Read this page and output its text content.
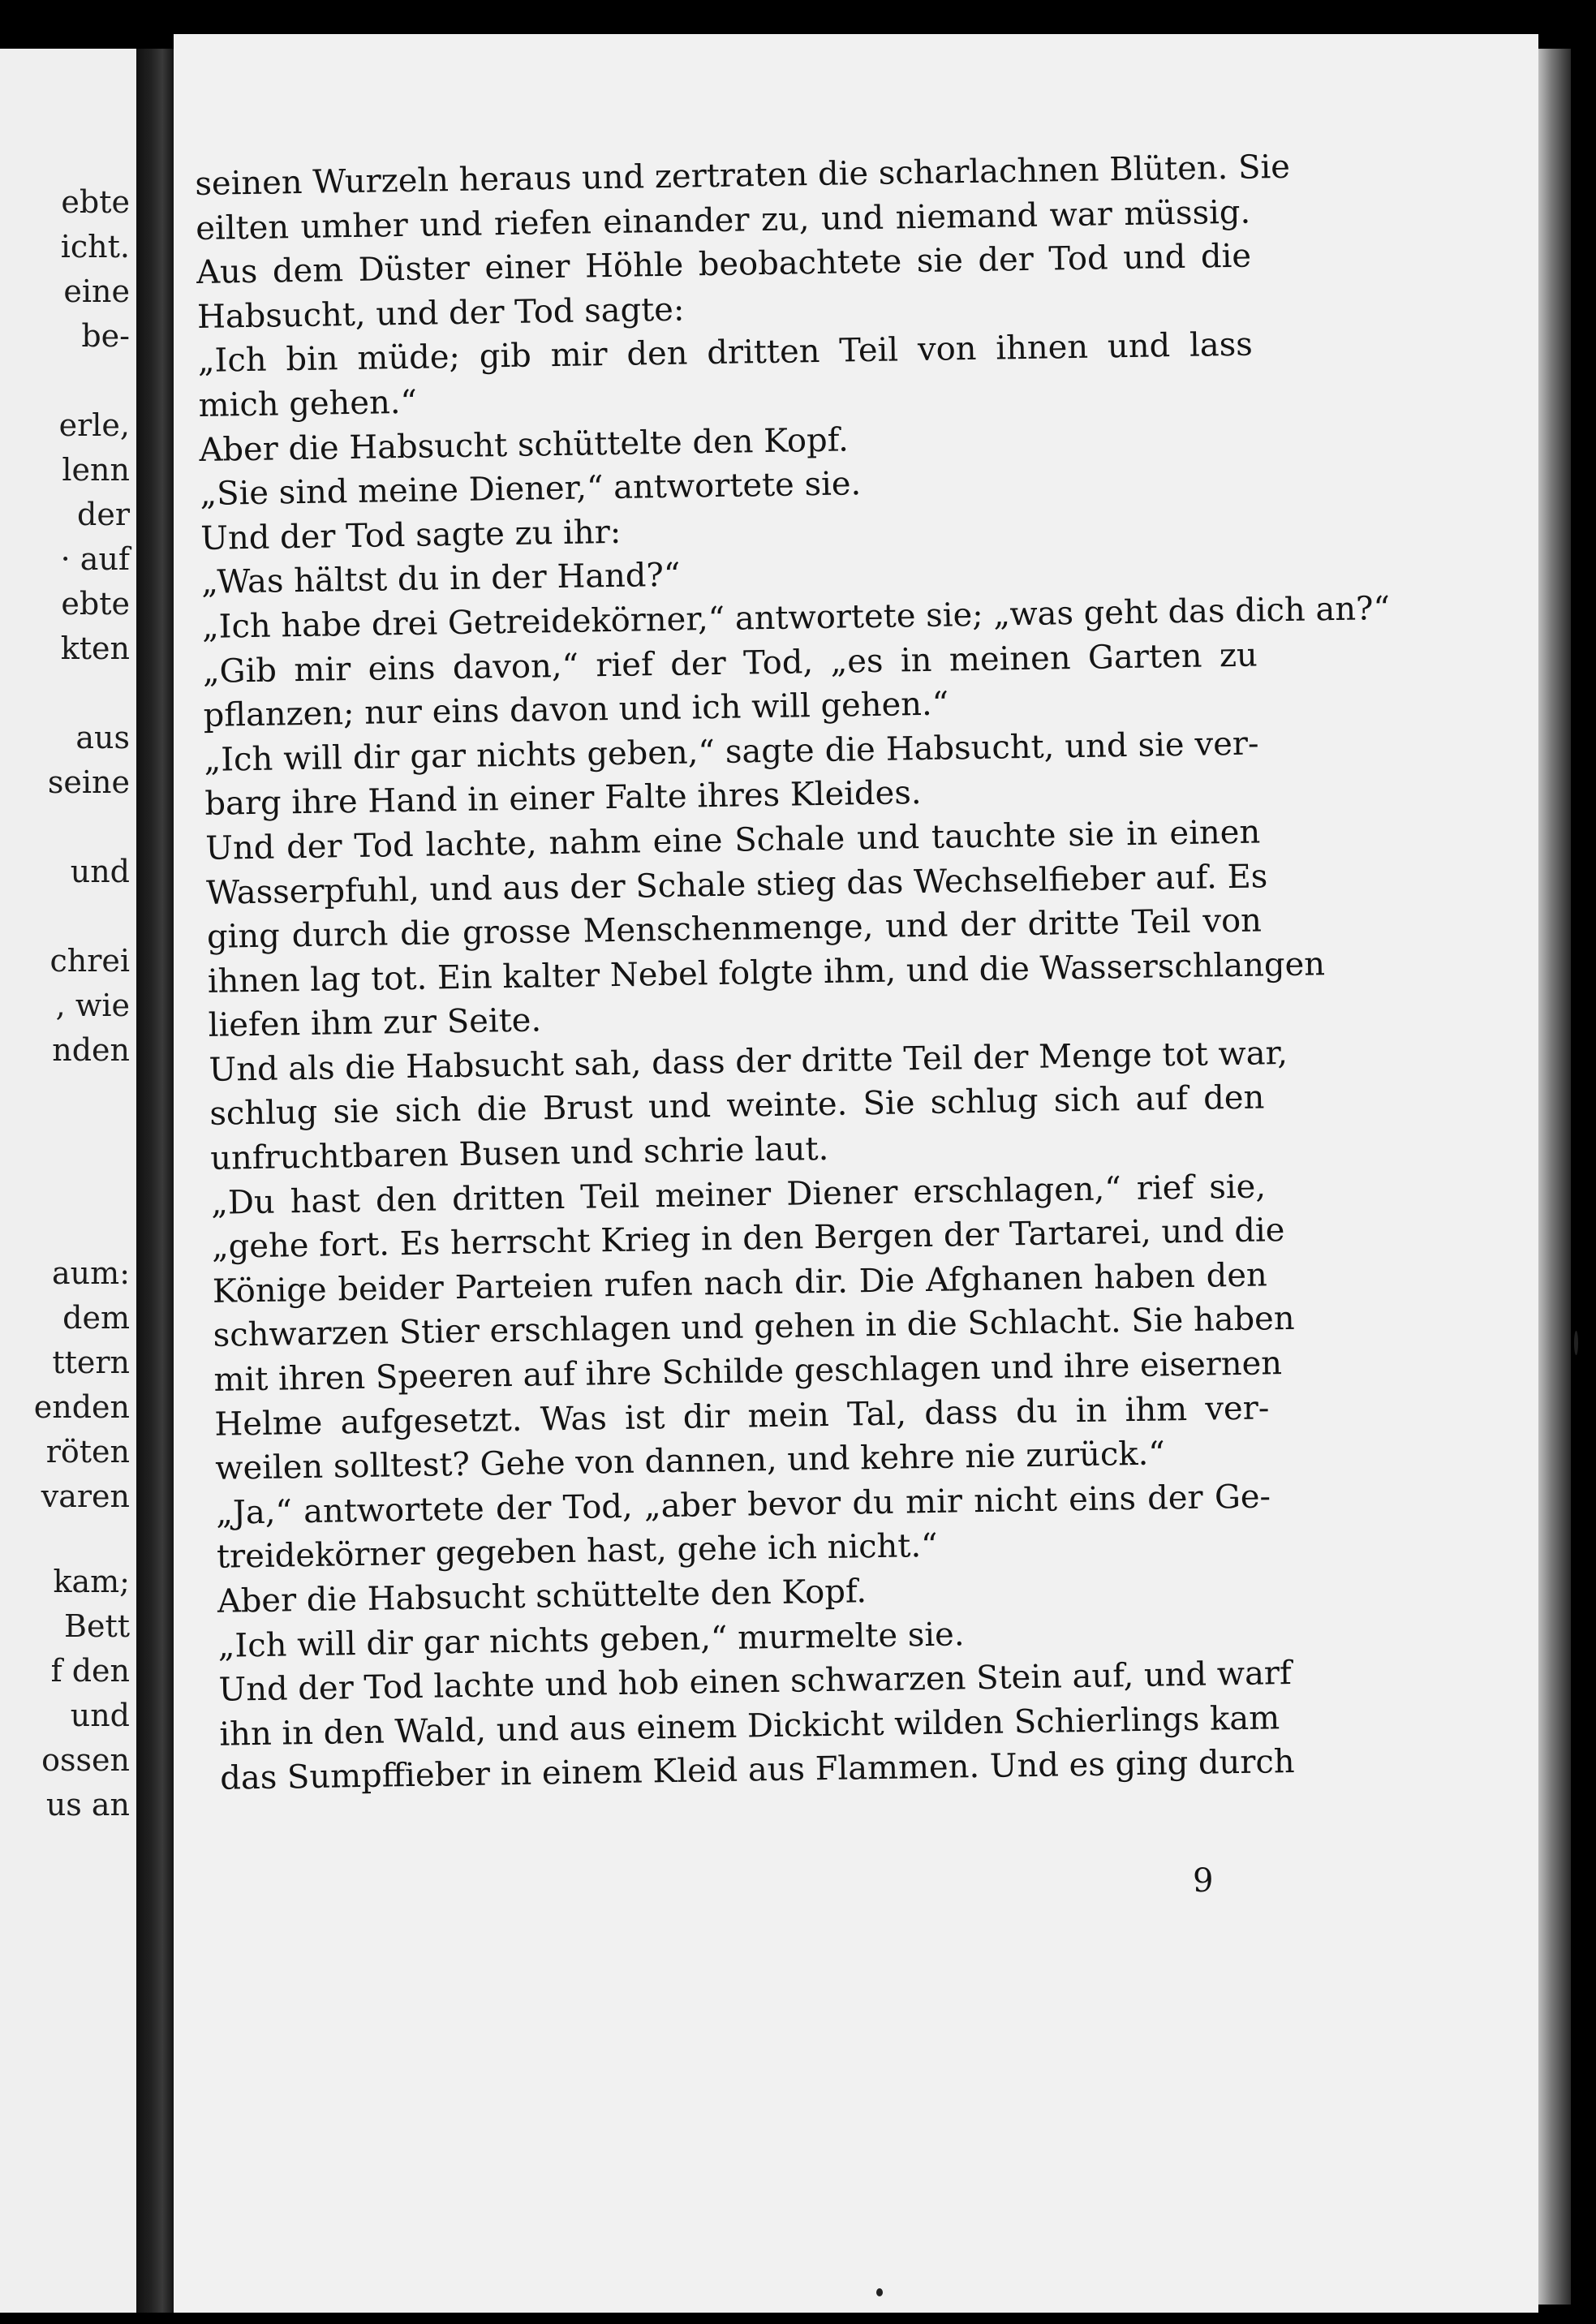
ebte
icht.
eine
be-
erle,
lenn
der
· auf
ebte
kten
aus
seine
und
chrei
, wie
nden
aum:
dem
ttern
enden
röten
varen
kam;
Bett
f den
und
ossen
us an
seinen Wurzeln heraus und zertraten die scharlachnen Blüten. Sie
eilten umher und riefen einander zu, und niemand war müssig.
Aus dem Düster einer Höhle beobachtete sie der Tod und die
Habsucht, und der Tod sagte:
„Ich bin müde; gib mir den dritten Teil von ihnen und lass
mich gehen.“
Aber die Habsucht schüttelte den Kopf.
„Sie sind meine Diener,“ antwortete sie.
Und der Tod sagte zu ihr:
„Was hältst du in der Hand?“
„Ich habe drei Getreidekörner,“ antwortete sie; „was geht das dich an?“
„Gib mir eins davon,“ rief der Tod, „es in meinen Garten zu
pflanzen; nur eins davon und ich will gehen.“
„Ich will dir gar nichts geben,“ sagte die Habsucht, und sie ver-
barg ihre Hand in einer Falte ihres Kleides.
Und der Tod lachte, nahm eine Schale und tauchte sie in einen
Wasserpfuhl, und aus der Schale stieg das Wechselfieber auf. Es
ging durch die grosse Menschenmenge, und der dritte Teil von
ihnen lag tot. Ein kalter Nebel folgte ihm, und die Wasserschlangen
liefen ihm zur Seite.
Und als die Habsucht sah, dass der dritte Teil der Menge tot war,
schlug sie sich die Brust und weinte. Sie schlug sich auf den
unfruchtbaren Busen und schrie laut.
„Du hast den dritten Teil meiner Diener erschlagen,“ rief sie,
„gehe fort. Es herrscht Krieg in den Bergen der Tartarei, und die
Könige beider Parteien rufen nach dir. Die Afghanen haben den
schwarzen Stier erschlagen und gehen in die Schlacht. Sie haben
mit ihren Speeren auf ihre Schilde geschlagen und ihre eisernen
Helme aufgesetzt. Was ist dir mein Tal, dass du in ihm ver-
weilen solltest? Gehe von dannen, und kehre nie zurück.“
„Ja,“ antwortete der Tod, „aber bevor du mir nicht eins der Ge-
treidekörner gegeben hast, gehe ich nicht.“
Aber die Habsucht schüttelte den Kopf.
„Ich will dir gar nichts geben,“ murmelte sie.
Und der Tod lachte und hob einen schwarzen Stein auf, und warf
ihn in den Wald, und aus einem Dickicht wilden Schierlings kam
das Sumpffieber in einem Kleid aus Flammen. Und es ging durch
9
